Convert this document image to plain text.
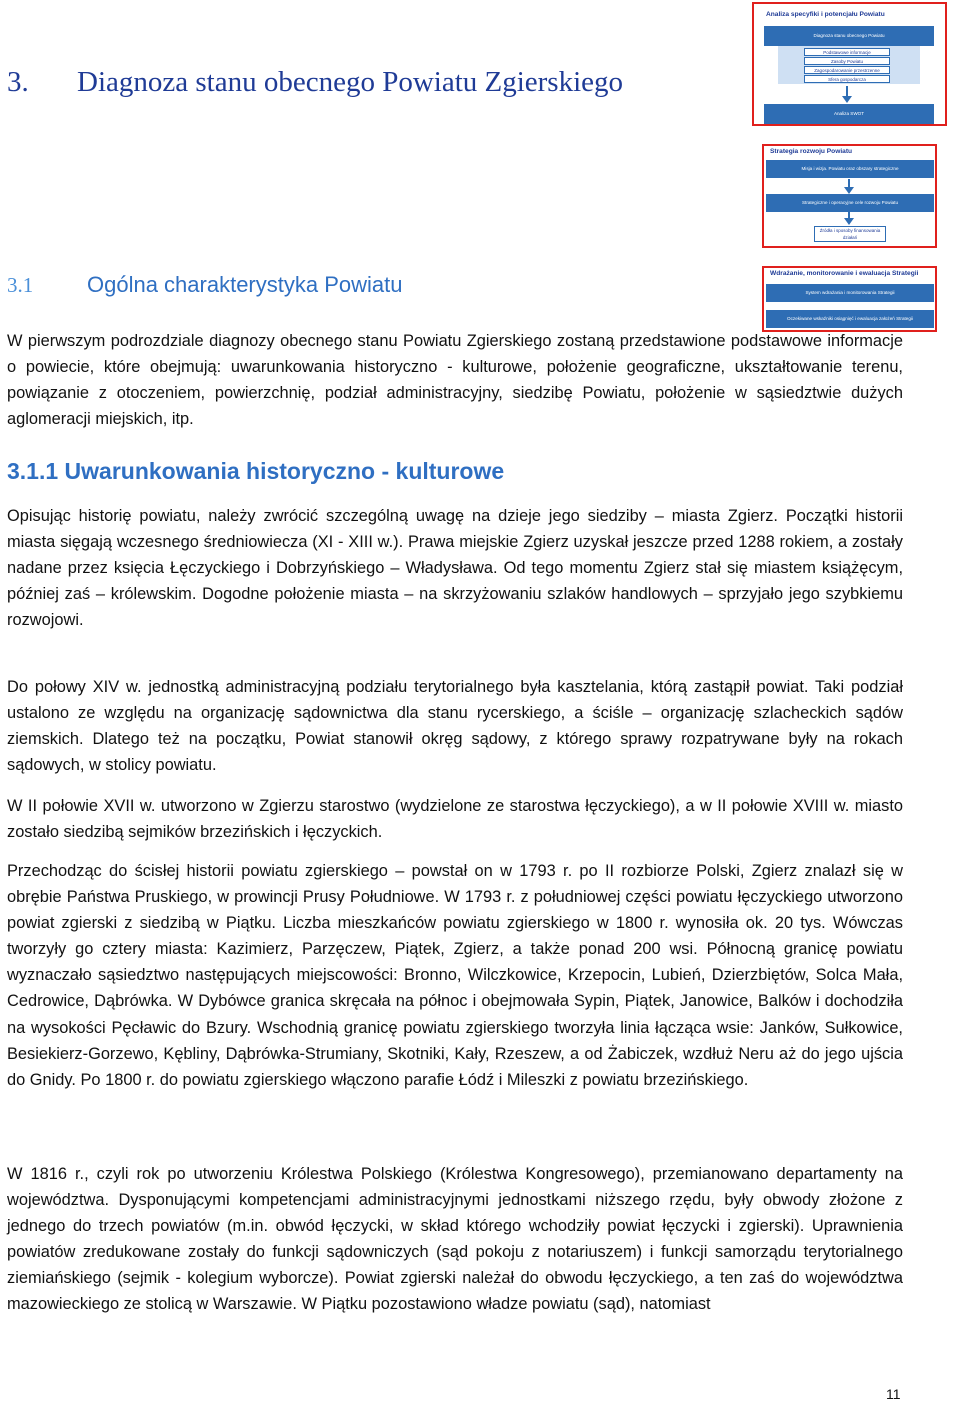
Analiza specyfiki i potencjału Powiatu
Diagnoza stanu obecnego Powiatu
Podstawowe informacje
Zasoby Powiatu
Zagospodarowanie przestrzenne
Sfera gospodarcza
Analiza SWOT
Strategia rozwoju Powiatu
Misja i wizja. Powiatu oraz obszary strategiczne
Strategiczne i operacyjne cele rozwoju Powiatu
Źródła i sposoby finansowania działań
Wdrażanie, monitorowanie i ewaluacja Strategii
System wdrażania i monitorowania Strategii
Oczekiwane wskaźniki osiągnięć i ewaluacja założeń Strategii
3. Diagnoza stanu obecnego Powiatu Zgierskiego
3.1 Ogólna charakterystyka Powiatu

W pierwszym podrozdziale diagnozy obecnego stanu Powiatu Zgierskiego zostaną przedstawione podstawowe informacje o powiecie, które obejmują: uwarunkowania historyczno - kulturowe, położenie geograficzne, ukształtowanie terenu, powiązanie z otoczeniem, powierzchnię, podział administracyjny, siedzibę Powiatu, położenie w sąsiedztwie dużych aglomeracji miejskich, itp.

3.1.1 Uwarunkowania historyczno - kulturowe

Opisując historię powiatu, należy zwrócić szczególną uwagę na dzieje jego siedziby – miasta Zgierz. Początki historii miasta sięgają wczesnego średniowiecza (XI - XIII w.). Prawa miejskie Zgierz uzyskał jeszcze przed 1288 rokiem, a zostały nadane przez księcia Łęczyckiego i Dobrzyńskiego – Władysława. Od tego momentu Zgierz stał się miastem książęcym, później zaś – królewskim. Dogodne położenie miasta – na skrzyżowaniu szlaków handlowych – sprzyjało jego szybkiemu rozwojowi.

Do połowy XIV w. jednostką administracyjną podziału terytorialnego była kasztelania, którą zastąpił powiat. Taki podział ustalono ze względu na organizację sądownictwa dla stanu rycerskiego, a ściśle – organizację szlacheckich sądów ziemskich. Dlatego też na początku, Powiat stanowił okręg sądowy, z którego sprawy rozpatrywane były na rokach sądowych, w stolicy powiatu.

W II połowie XVII w. utworzono w Zgierzu starostwo (wydzielone ze starostwa łęczyckiego), a w II połowie XVIII w. miasto zostało siedzibą sejmików brzezińskich i łęczyckich.

Przechodząc do ścisłej historii powiatu zgierskiego – powstał on w 1793 r. po II rozbiorze Polski, Zgierz znalazł się w obrębie Państwa Pruskiego, w prowincji Prusy Południowe. W 1793 r. z południowej części powiatu łęczyckiego utworzono powiat zgierski z siedzibą w Piątku. Liczba mieszkańców powiatu zgierskiego w 1800 r. wynosiła ok. 20 tys. Wówczas tworzyły go cztery miasta: Kazimierz, Parzęczew, Piątek, Zgierz, a także ponad 200 wsi. Północną granicę powiatu wyznaczało sąsiedztwo następujących miejscowości: Bronno, Wilczkowice, Krzepocin, Lubień, Dzierzbiętów, Solca Mała, Cedrowice, Dąbrówka. W Dybówce granica skręcała na północ i obejmowała Sypin, Piątek, Janowice, Balków i dochodziła na wysokości Pęcławic do Bzury. Wschodnią granicę powiatu zgierskiego tworzyła linia łącząca wsie: Janków, Sułkowice, Besiekierz-Gorzewo, Kębliny, Dąbrówka-Strumiany, Skotniki, Kały, Rzeszew, a od Żabiczek, wzdłuż Neru aż do jego ujścia do Gnidy. Po 1800 r. do powiatu zgierskiego włączono parafie Łódź i Mileszki z powiatu brzezińskiego.

W 1816 r., czyli rok po utworzeniu Królestwa Polskiego (Królestwa Kongresowego), przemianowano departamenty na województwa. Dysponującymi kompetencjami administracyjnymi jednostkami niższego rzędu, były obwody złożone z jednego do trzech powiatów (m.in. obwód łęczycki, w skład którego wchodziły powiat łęczycki i zgierski). Uprawnienia powiatów zredukowane zostały do funkcji sądowniczych (sąd pokoju z notariuszem) i funkcji samorządu terytorialnego ziemiańskiego (sejmik - kolegium wyborcze). Powiat zgierski należał do obwodu łęczyckiego, a ten zaś do województwa mazowieckiego ze stolicą w Warszawie. W Piątku pozostawiono władze powiatu (sąd), natomiast

11
